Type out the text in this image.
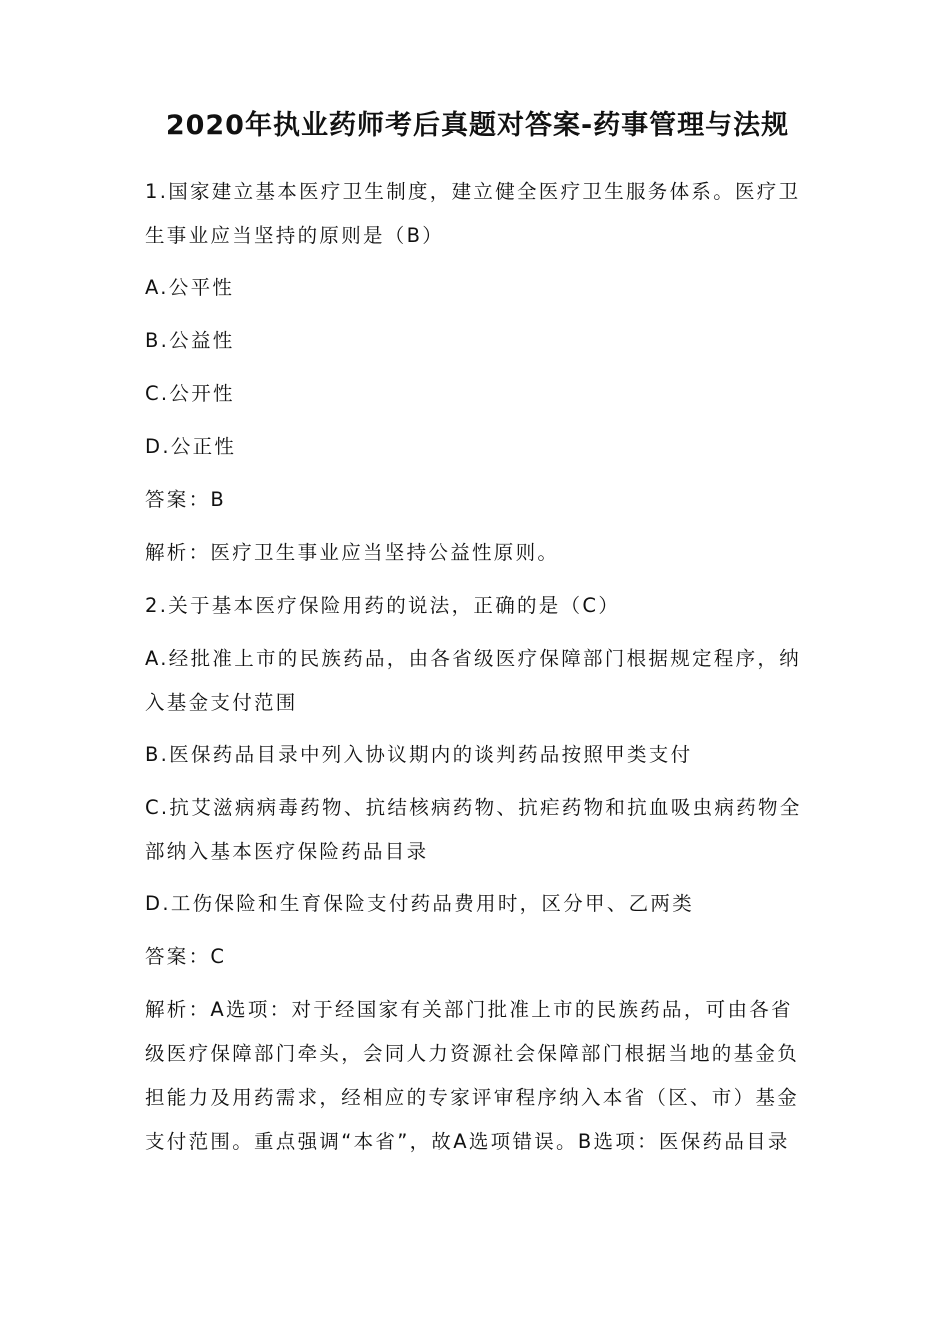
2020年执业药师考后真题对答案-药事管理与法规
1.国家建立基本医疗卫生制度，建立健全医疗卫生服务体系。医疗卫
生事业应当坚持的原则是（B）
A.公平性
B.公益性
C.公开性
D.公正性
答案：B
解析：医疗卫生事业应当坚持公益性原则。
2.关于基本医疗保险用药的说法，正确的是（C）
A.经批准上市的民族药品，由各省级医疗保障部门根据规定程序，纳
入基金支付范围
B.医保药品目录中列入协议期内的谈判药品按照甲类支付
C.抗艾滋病病毒药物、抗结核病药物、抗疟药物和抗血吸虫病药物全
部纳入基本医疗保险药品目录
D.工伤保险和生育保险支付药品费用时，区分甲、乙两类
答案：C
解析：A选项：对于经国家有关部门批准上市的民族药品，可由各省
级医疗保障部门牵头，会同人力资源社会保障部门根据当地的基金负
担能力及用药需求，经相应的专家评审程序纳入本省（区、市）基金
支付范围。重点强调“本省”，故A选项错误。B选项：医保药品目录
